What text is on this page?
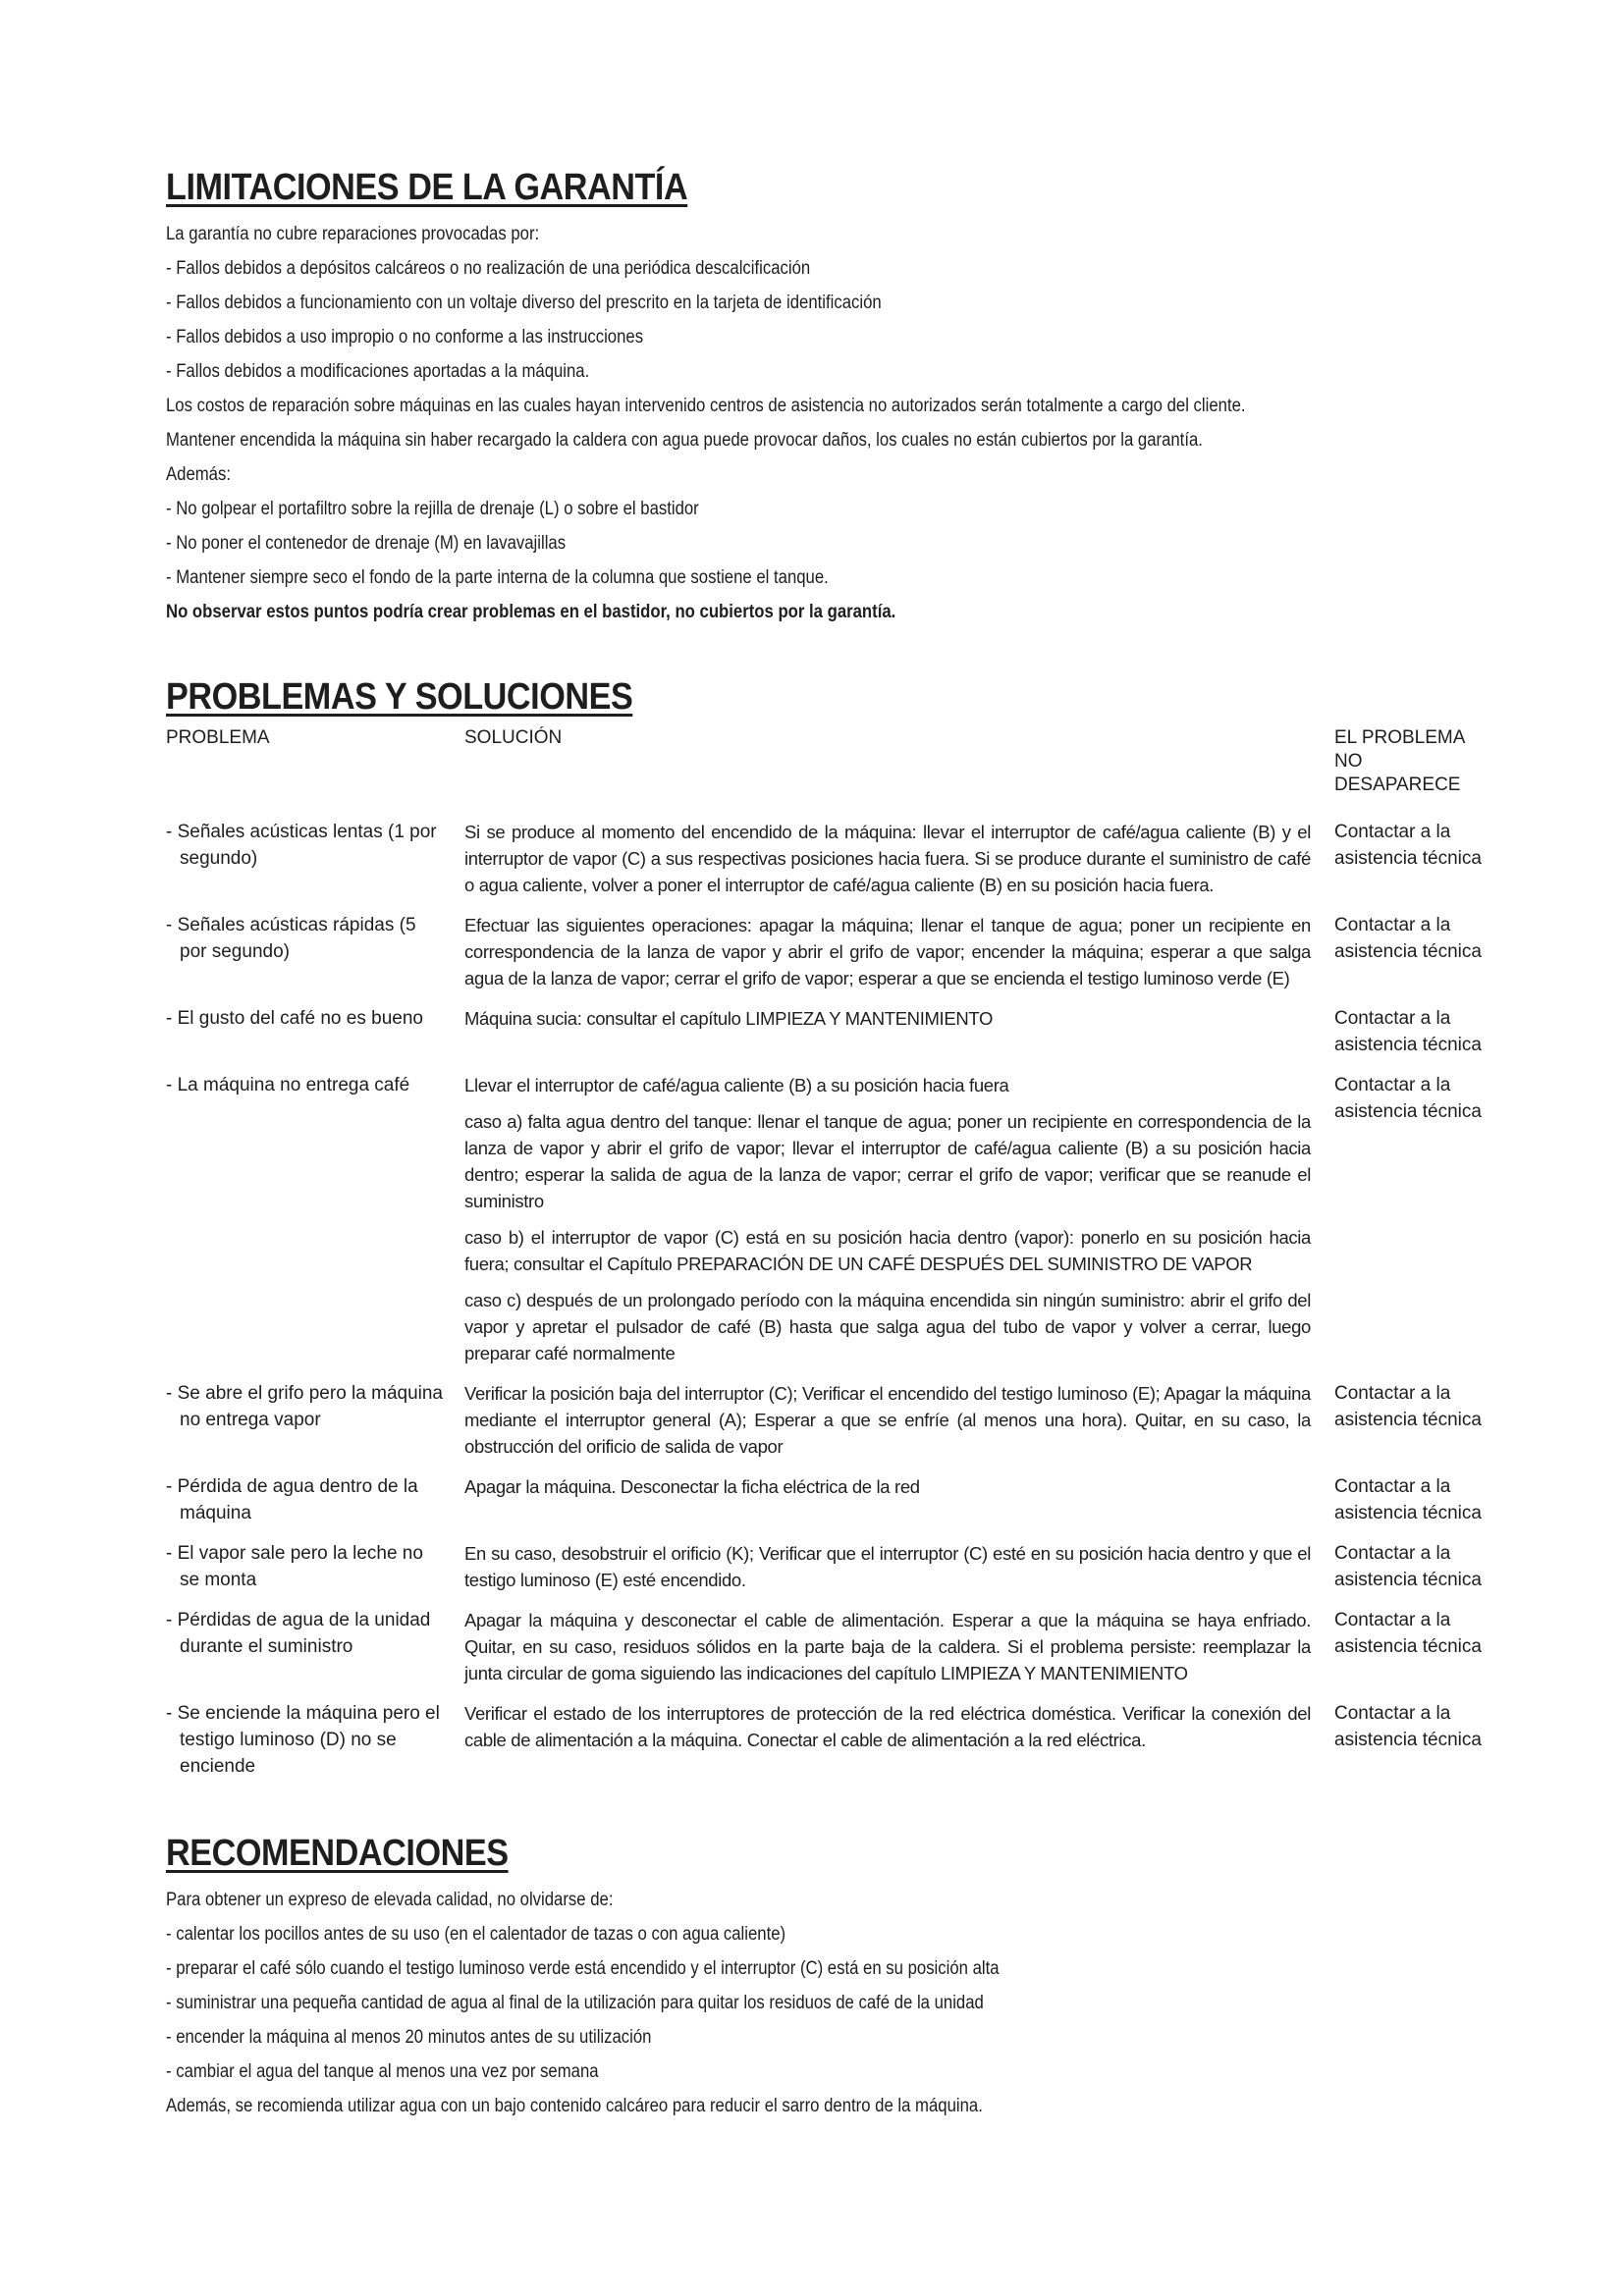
LIMITACIONES DE LA GARANTÍA

La garantía no cubre reparaciones provocadas por:

- Fallos debidos a depósitos calcáreos o no realización de una periódica descalcificación

- Fallos debidos a funcionamiento con un voltaje diverso del prescrito en la tarjeta de identificación

- Fallos debidos a uso impropio o no conforme a las instrucciones

- Fallos debidos a modificaciones aportadas a la máquina.

Los costos de reparación sobre máquinas en las cuales hayan intervenido centros de asistencia no autorizados serán totalmente a cargo del cliente.

Mantener encendida la máquina sin haber recargado la caldera con agua puede provocar daños, los cuales no están cubiertos por la garantía.

Además:

- No golpear el portafiltro sobre la rejilla de drenaje (L) o sobre el bastidor

- No poner el contenedor de drenaje (M) en lavavajillas

- Mantener siempre seco el fondo de la parte interna de la columna que sostiene el tanque.

No observar estos puntos podría crear problemas en el bastidor, no cubiertos por la garantía.

PROBLEMAS Y SOLUCIONES
PROBLEMA	SOLUCIÓN	EL PROBLEMA NO DESAPARECE

- Señales acústicas lentas (1 por segundo)	Si se produce al momento del encendido de la máquina: llevar el interruptor de café/agua caliente (B) y el interruptor de vapor (C) a sus respectivas posiciones hacia fuera. Si se produce durante el suministro de café o agua caliente, volver a poner el interruptor de café/agua caliente (B) en su posición hacia fuera.	Contactar a la asistencia técnica

- Señales acústicas rápidas (5 por segundo)	Efectuar las siguientes operaciones: apagar la máquina; llenar el tanque de agua; poner un recipiente en correspondencia de la lanza de vapor y abrir el grifo de vapor; encender la máquina; esperar a que salga agua de la lanza de vapor; cerrar el grifo de vapor; esperar a que se encienda el testigo luminoso verde (E)	Contactar a la asistencia técnica

- El gusto del café no es bueno	Máquina sucia: consultar el capítulo LIMPIEZA Y MANTENIMIENTO	Contactar a la asistencia técnica

- La máquina no entrega café	Llevar el interruptor de café/agua caliente (B) a su posición hacia fuera
caso a) falta agua dentro del tanque: llenar el tanque de agua; poner un recipiente en correspondencia de la lanza de vapor y abrir el grifo de vapor; llevar el interruptor de café/agua caliente (B) a su posición hacia dentro; esperar la salida de agua de la lanza de vapor; cerrar el grifo de vapor; verificar que se reanude el suministro
caso b) el interruptor de vapor (C) está en su posición hacia dentro (vapor): ponerlo en su posición hacia fuera; consultar el Capítulo PREPARACIÓN DE UN CAFÉ DESPUÉS DEL SUMINISTRO DE VAPOR
caso c) después de un prolongado período con la máquina encendida sin ningún suministro: abrir el grifo del vapor y apretar el pulsador de café (B) hasta que salga agua del tubo de vapor y volver a cerrar, luego preparar café normalmente	Contactar a la asistencia técnica

- Se abre el grifo pero la máquina no entrega vapor	Verificar la posición baja del interruptor (C); Verificar el encendido del testigo luminoso (E); Apagar la máquina mediante el interruptor general (A); Esperar a que se enfríe (al menos una hora). Quitar, en su caso, la obstrucción del orificio de salida de vapor	Contactar a la asistencia técnica

- Pérdida de agua dentro de la máquina	Apagar la máquina. Desconectar la ficha eléctrica de la red	Contactar a la asistencia técnica

- El vapor sale pero la leche no se monta	En su caso, desobstruir el orificio (K); Verificar que el interruptor (C) esté en su posición hacia dentro y que el testigo luminoso (E) esté encendido.	Contactar a la asistencia técnica

- Pérdidas de agua de la unidad durante el suministro	Apagar la máquina y desconectar el cable de alimentación. Esperar a que la máquina se haya enfriado. Quitar, en su caso, residuos sólidos en la parte baja de la caldera. Si el problema persiste: reemplazar la junta circular de goma siguiendo las indicaciones del capítulo LIMPIEZA Y MANTENIMIENTO	Contactar a la asistencia técnica

- Se enciende la máquina pero el testigo luminoso (D) no se enciende	Verificar el estado de los interruptores de protección de la red eléctrica doméstica. Verificar la conexión del cable de alimentación a la máquina. Conectar el cable de alimentación a la red eléctrica.	Contactar a la asistencia técnica
RECOMENDACIONES

Para obtener un expreso de elevada calidad, no olvidarse de:

- calentar los pocillos antes de su uso (en el calentador de tazas o con agua caliente)

- preparar el café sólo cuando el testigo luminoso verde está encendido y el interruptor (C) está en su posición alta

- suministrar una pequeña cantidad de agua al final de la utilización para quitar los residuos de café de la unidad

- encender la máquina al menos 20 minutos antes de su utilización

- cambiar el agua del tanque al menos una vez por semana

Además, se recomienda utilizar agua con un bajo contenido calcáreo para reducir el sarro dentro de la máquina.
